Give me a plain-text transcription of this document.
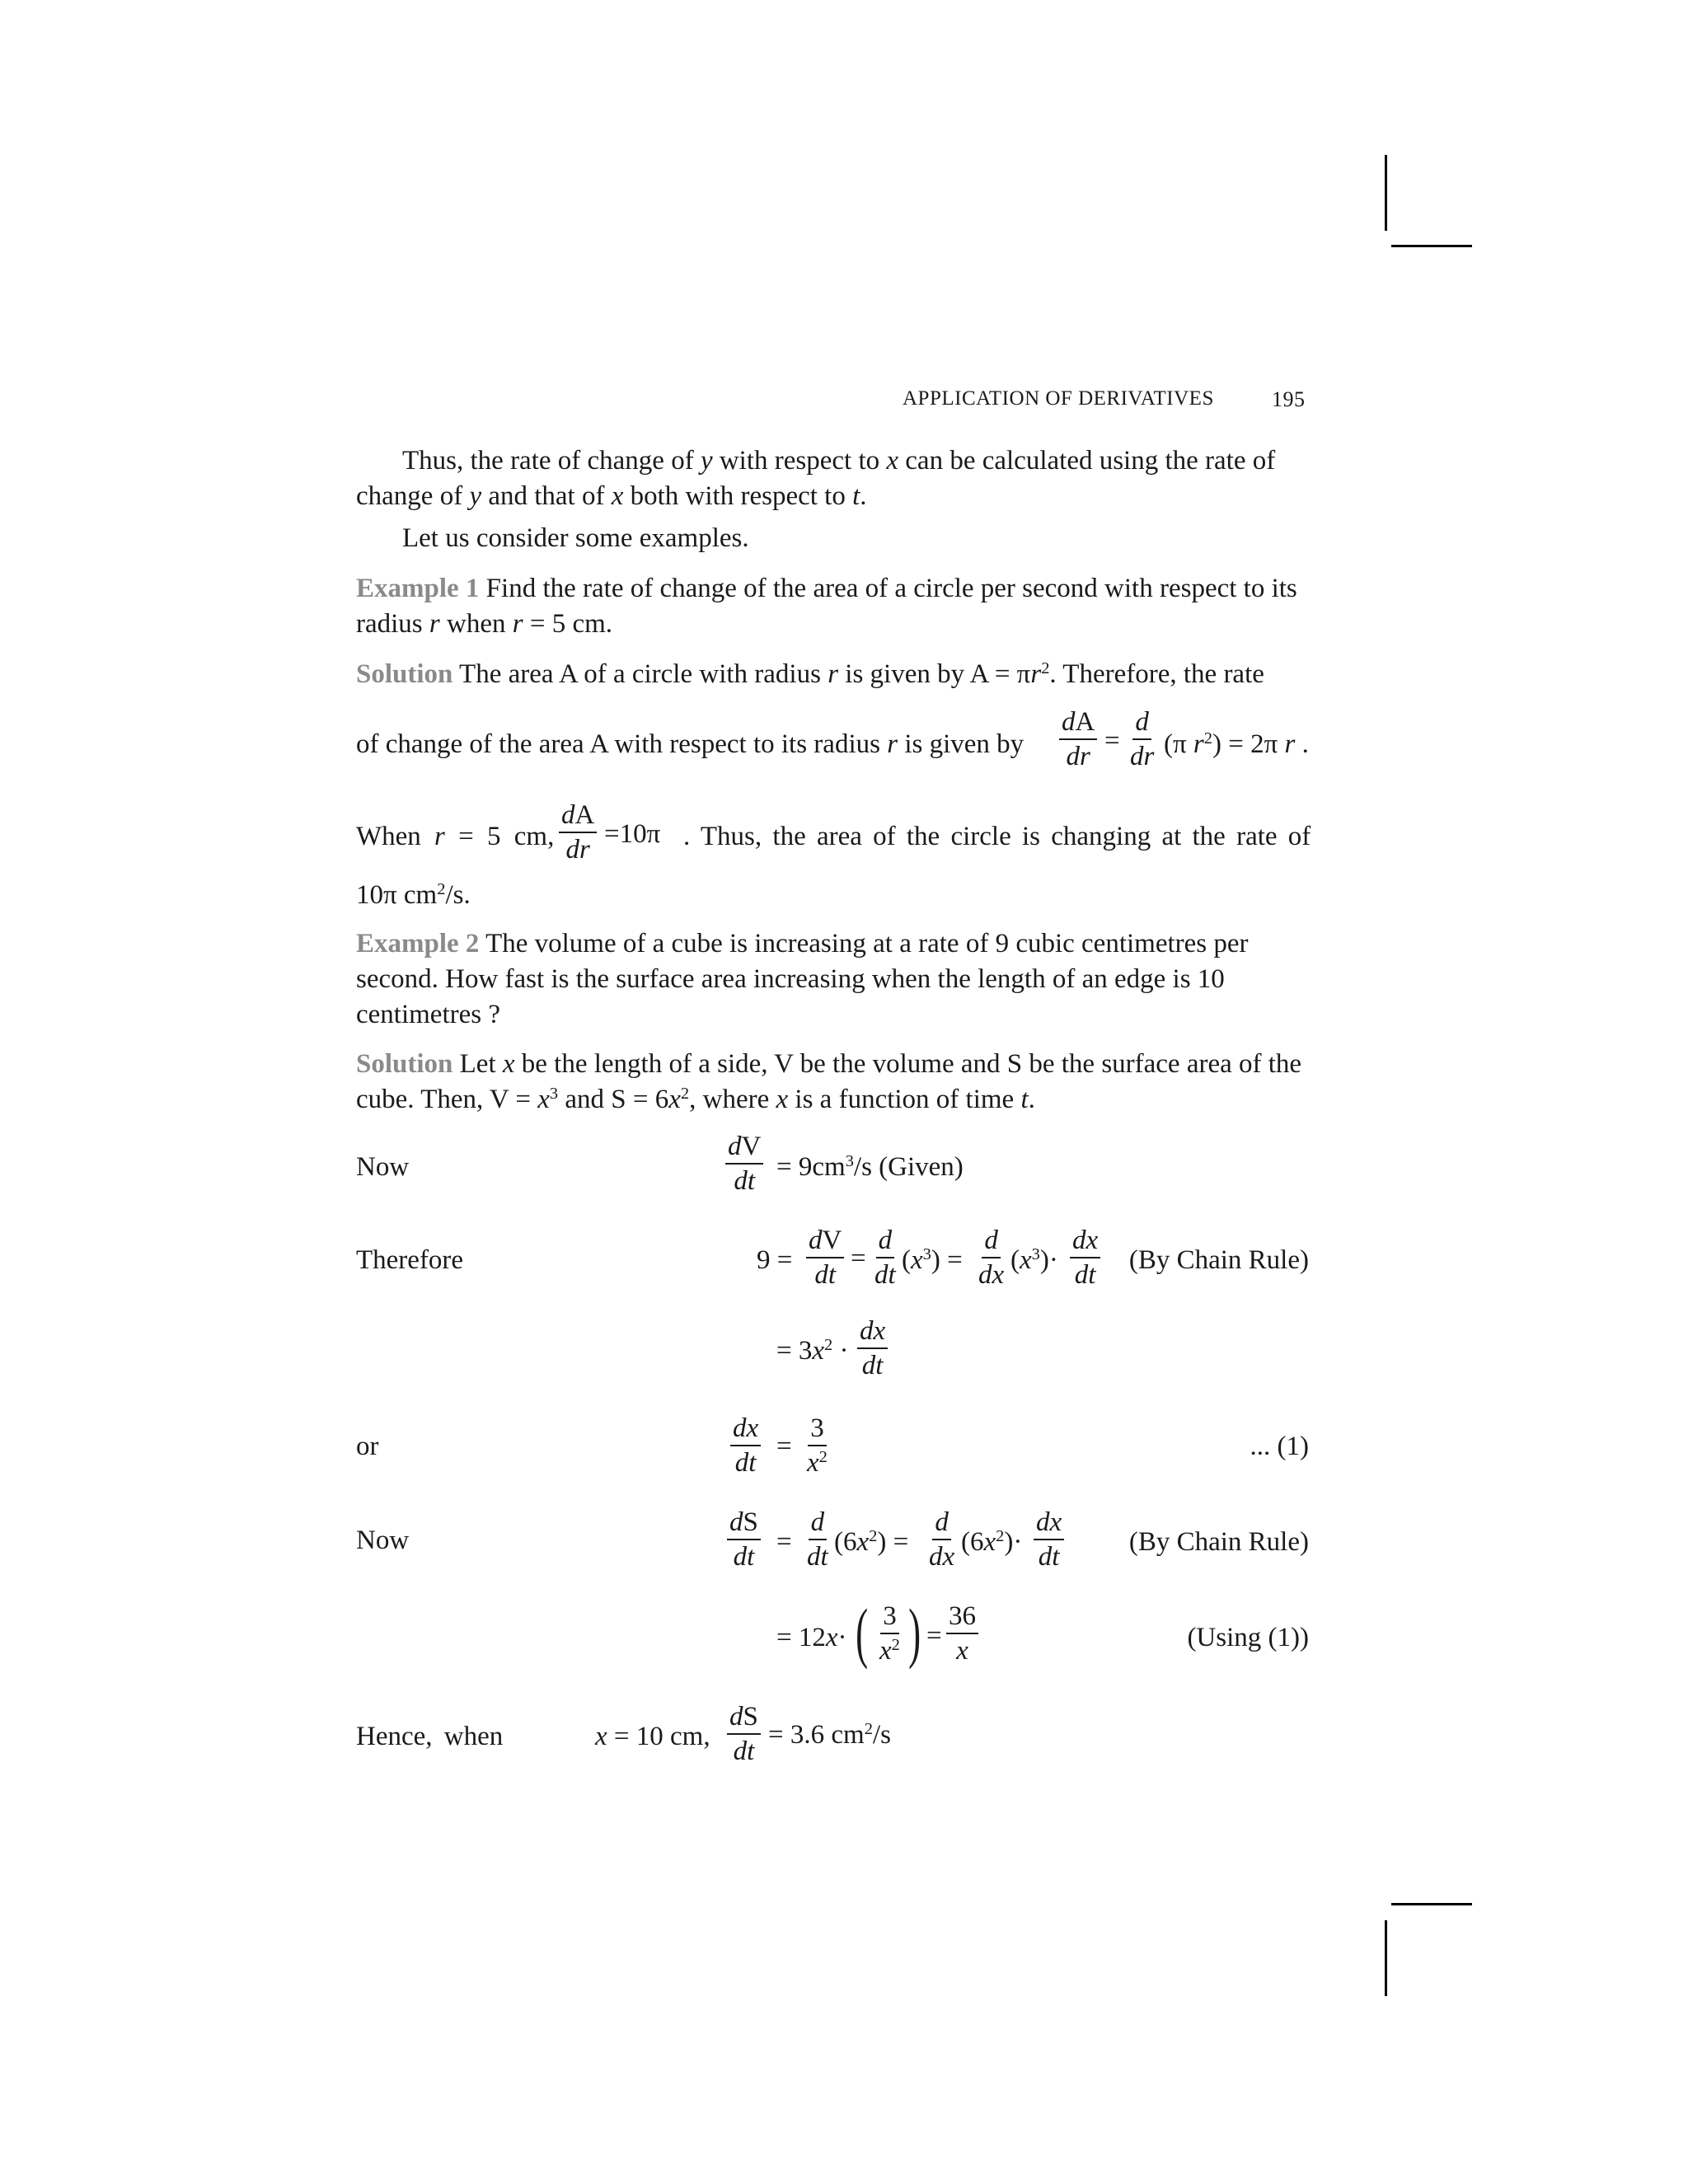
APPLICATION OF DERIVATIVES	195
Thus, the rate of change of y with respect to x can be calculated using the rate of change of y and that of x both with respect to t.
Let us consider some examples.
Example 1 Find the rate of change of the area of a circle per second with respect to its radius r when r = 5 cm.
Solution The area A of a circle with radius r is given by $A = \pi r^2$. Therefore, the rate
of change of the area A with respect to its radius r is given by	$\frac{dA}{dr} = \frac{d}{dr} (\pi$ $r^2) = 2\pi$ r .
When r = 5 cm, $\frac{dA}{dr} =10\pi$ . Thus, the area of the circle is changing at the rate of
10π $cm^2/s$.
Example 2 The volume of a cube is increasing at a rate of 9 cubic centimetres per second. How fast is the surface area increasing when the length of an edge is 10 centimetres ?
Solution Let x be the length of a side, V be the volume and S be the surface area of the cube. Then, $V = x^3$ and $S = 6x^2$, where x is a function of time t.
Now	$\frac{dV}{dt} = 9cm^3/s$ (Given)
Therefore	$9 = \frac{dV}{dt} = \frac{d}{dt} (x^3) = \frac{d}{dx} (x^3)\cdot \frac{dx}{dt} (By$ Chain Rule)
= $3x^2 \cdot \frac{dx}{dt}$
or	$\frac{dx}{dt} = \frac{3}{x^2}$	... (1)
Now	$\frac{dS}{dt} = \frac{d}{dt} (6x^2) = \frac{d}{dx} (6x^2)\cdot \frac{dx}{dt} (By$ Chain Rule)
= 12x· ( $\frac{3}{x^2}$ ) = $\frac{36}{x}$	(Using (1))
Hence, when	x = 10 cm, $\frac{dS}{dt} = 3.6$ $cm^2/s$
